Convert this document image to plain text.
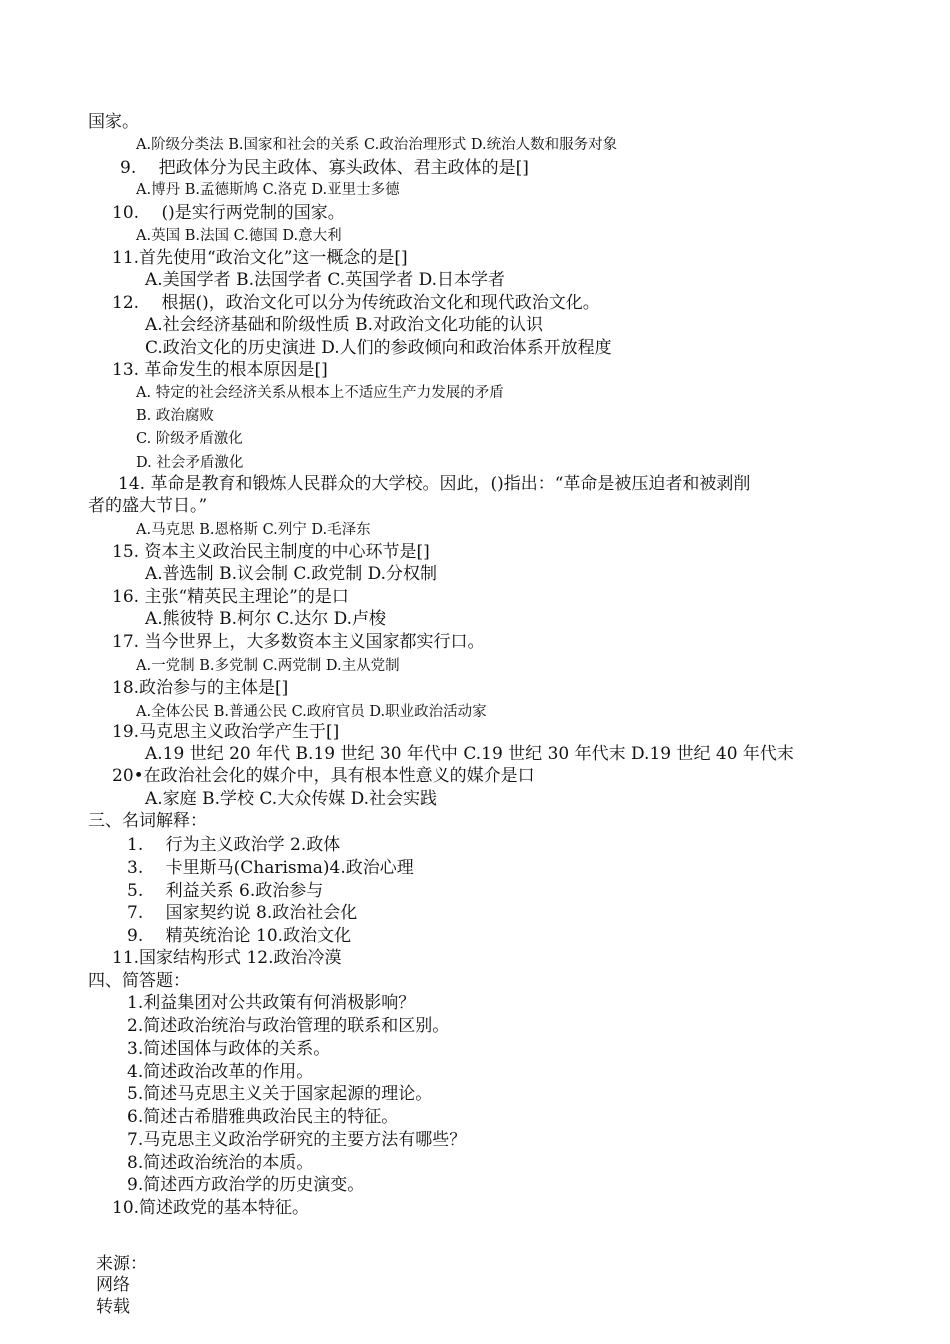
国家。
A.阶级分类法 B.国家和社会的关系 C.政治治理形式 D.统治人数和服务对象
9.　 把政体分为民主政体、寡头政体、君主政体的是[]
A.博丹 B.孟德斯鸠 C.洛克 D.亚里士多德
10.　 ()是实行两党制的国家。
A.英国 B.法国 C.德国 D.意大利
11.首先使用“政治文化”这一概念的是[]
A.美国学者 B.法国学者 C.英国学者 D.日本学者
12.　 根据()，政治文化可以分为传统政治文化和现代政治文化。
A.社会经济基础和阶级性质 B.对政治文化功能的认识
C.政治文化的历史演进 D.人们的参政倾向和政治体系开放程度
13. 革命发生的根本原因是[]
A. 特定的社会经济关系从根本上不适应生产力发展的矛盾
B. 政治腐败
C. 阶级矛盾激化
D. 社会矛盾激化
14. 革命是教育和锻炼人民群众的大学校。因此，()指出：“革命是被压迫者和被剥削
者的盛大节日。”
A.马克思 B.恩格斯 C.列宁 D.毛泽东
15. 资本主义政治民主制度的中心环节是[]
A.普选制 B.议会制 C.政党制 D.分权制
16. 主张“精英民主理论”的是口
A.熊彼特 B.柯尔 C.达尔 D.卢梭
17. 当今世界上，大多数资本主义国家都实行口。
A.一党制 B.多党制 C.两党制 D.主从党制
18.政治参与的主体是[]
A.全体公民 B.普通公民 C.政府官员 D.职业政治活动家
19.马克思主义政治学产生于[]
A.19 世纪 20 年代 B.19 世纪 30 年代中 C.19 世纪 30 年代末 D.19 世纪 40 年代末
20•在政治社会化的媒介中，具有根本性意义的媒介是口
A.家庭 B.学校 C.大众传媒 D.社会实践
三、名词解释：
1.　 行为主义政治学 2.政体
3.　 卡里斯马(Charisma)4.政治心理
5.　 利益关系 6.政治参与
7.　 国家契约说 8.政治社会化
9.　 精英统治论 10.政治文化
11.国家结构形式 12.政治冷漠
四、简答题：
1.利益集团对公共政策有何消极影响？
2.简述政治统治与政治管理的联系和区别。
3.简述国体与政体的关系。
4.简述政治改革的作用。
5.简述马克思主义关于国家起源的理论。
6.简述古希腊雅典政治民主的特征。
7.马克思主义政治学研究的主要方法有哪些？
8.简述政治统治的本质。
9.简述西方政治学的历史演变。
10.简述政党的基本特征。
来源：
网络
转载
